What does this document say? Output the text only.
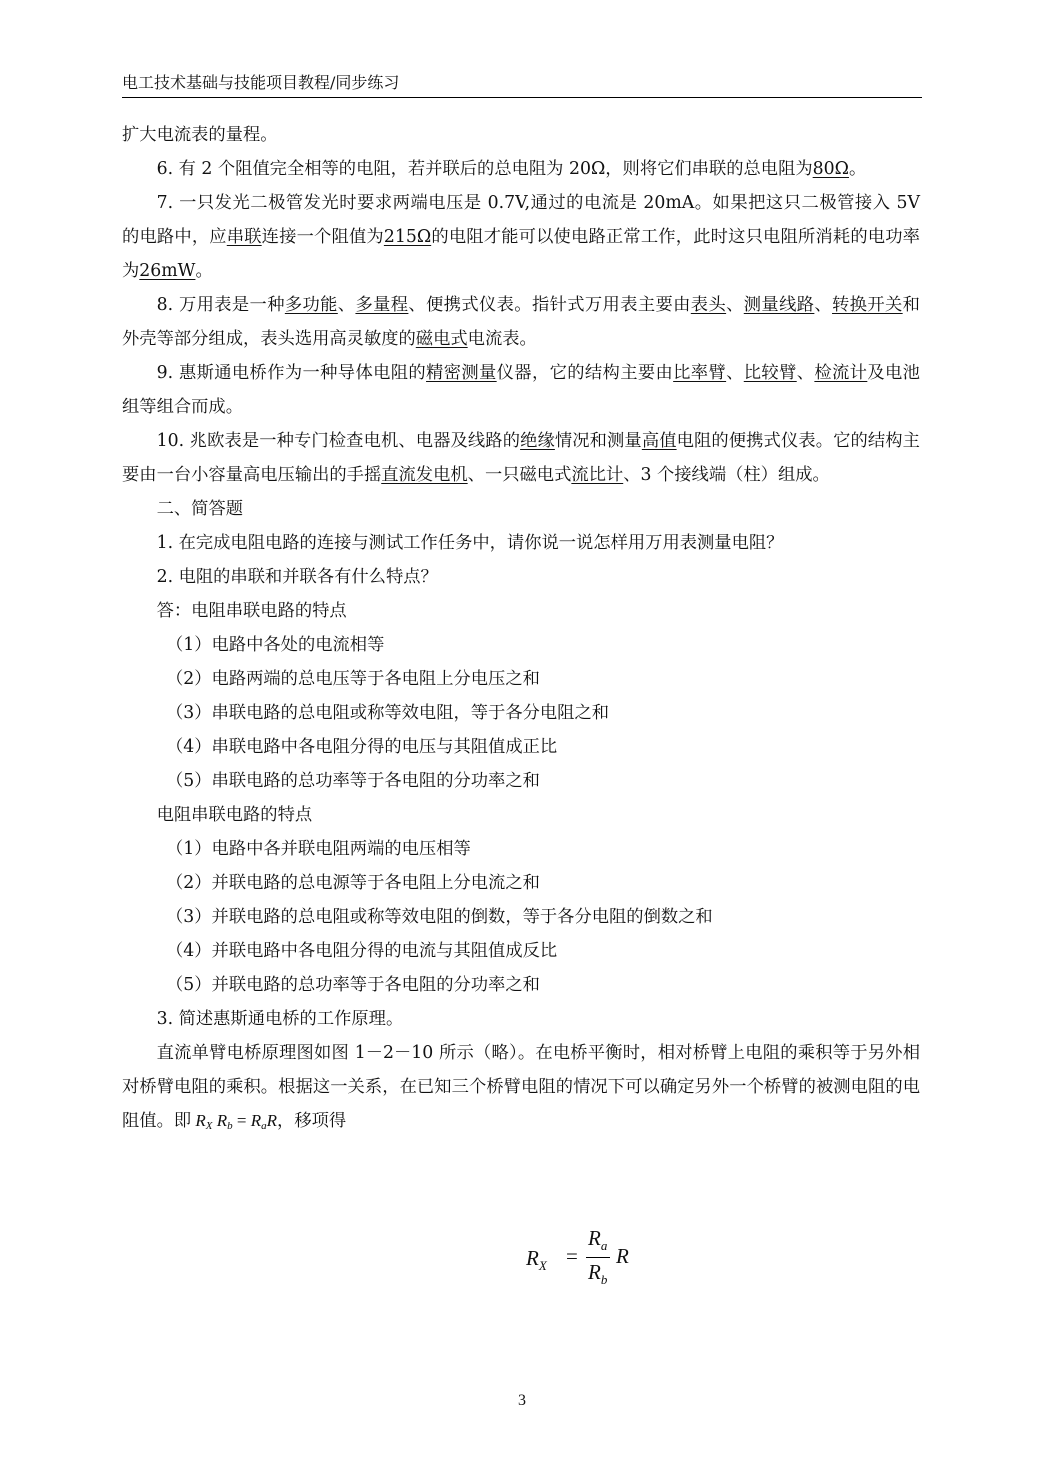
电工技术基础与技能项目教程/同步练习

扩大电流表的量程。

6. 有 2 个阻值完全相等的电阻，若并联后的总电阻为 20Ω，则将它们串联的总电阻为80Ω。

7. 一只发光二极管发光时要求两端电压是 0.7V,通过的电流是 20mA。如果把这只二极管接入 5V 的电路中，应串联连接一个阻值为215Ω的电阻才能可以使电路正常工作，此时这只电阻所消耗的电功率为26mW。

8. 万用表是一种多功能、多量程、便携式仪表。指针式万用表主要由表头、测量线路、转换开关和外壳等部分组成，表头选用高灵敏度的磁电式电流表。

9. 惠斯通电桥作为一种导体电阻的精密测量仪器，它的结构主要由比率臂、比较臂、检流计及电池组等组合而成。

10. 兆欧表是一种专门检查电机、电器及线路的绝缘情况和测量高值电阻的便携式仪表。它的结构主要由一台小容量高电压输出的手摇直流发电机、一只磁电式流比计、3 个接线端（柱）组成。

二、简答题

1. 在完成电阻电路的连接与测试工作任务中，请你说一说怎样用万用表测量电阻？

2. 电阻的串联和并联各有什么特点？

答：电阻串联电路的特点

（1）电路中各处的电流相等

（2）电路两端的总电压等于各电阻上分电压之和

（3）串联电路的总电阻或称等效电阻，等于各分电阻之和

（4）串联电路中各电阻分得的电压与其阻值成正比

（5）串联电路的总功率等于各电阻的分功率之和

电阻串联电路的特点

（1）电路中各并联电阻两端的电压相等

（2）并联电路的总电源等于各电阻上分电流之和

（3）并联电路的总电阻或称等效电阻的倒数，等于各分电阻的倒数之和

（4）并联电路中各电阻分得的电流与其阻值成反比

（5）并联电路的总功率等于各电阻的分功率之和

3. 简述惠斯通电桥的工作原理。

直流单臂电桥原理图如图 1－2－10 所示（略）。在电桥平衡时，相对桥臂上电阻的乘积等于另外相对桥臂电阻的乘积。根据这一关系，在已知三个桥臂电阻的情况下可以确定另外一个桥臂的被测电阻的电阻值。即 $R_X$ $R_b = R_aR$，移项得

$R_X$ =
$R_a$
$R_b$
R
3
